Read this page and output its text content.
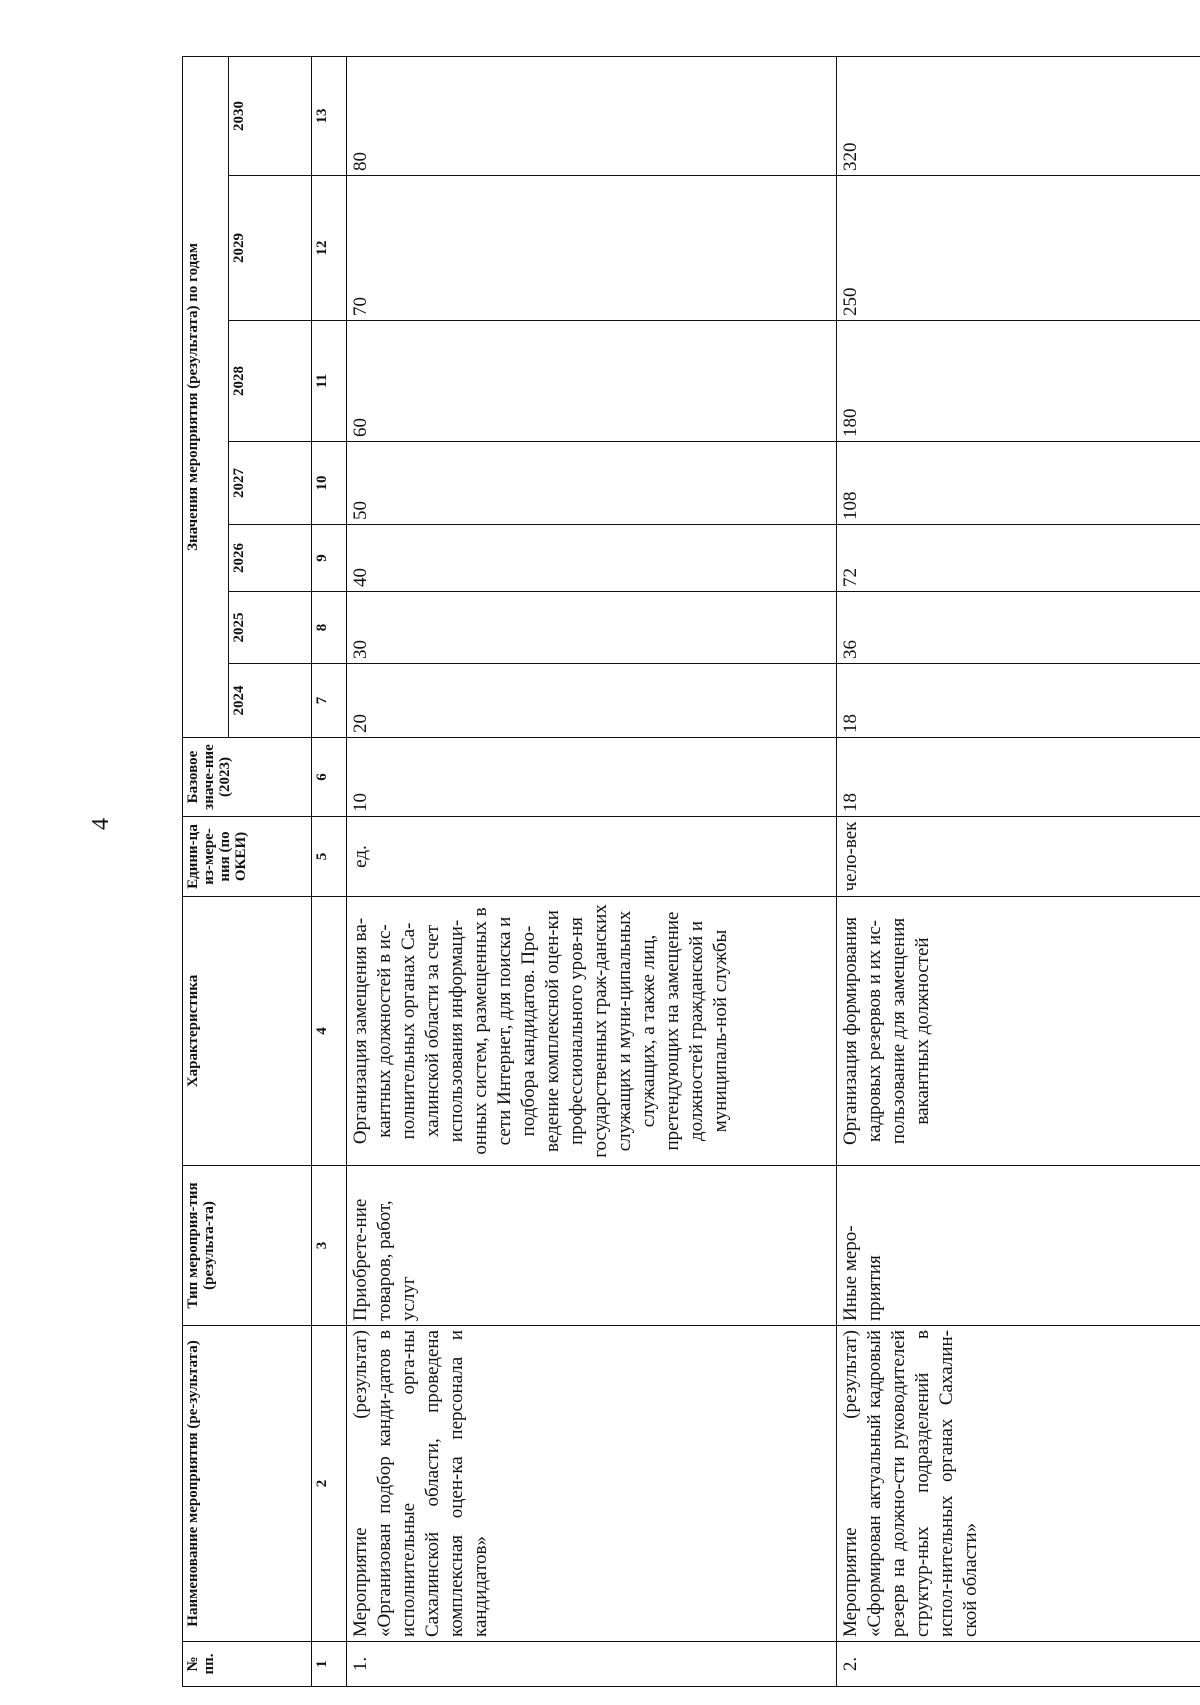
4
№ пп.	Наименование мероприятия (ре-зультата)	Тип мероприя-тия (результа-та)	Характеристика	Едини-ца из-мере-ния (по ОКЕИ)	Базовое значе-ние (2023)	Значения мероприятия (результата) по годам						
						2024	2025	2026	2027	2028	2029	2030
1	2	3	4	5	6	7	8	9	10	11	12	13
1.	Мероприятие (результат) «Организован подбор канди-датов в исполнительные орга-ны Сахалинской области, проведена комплексная оцен-ка персонала и кандидатов»	Приобрете-ние товаров, работ, услуг	Организация замещения ва-кантных должностей в ис-полнительных органах Са-халинской области за счет использования информаци-онных систем, размещенных в сети Интернет, для поиска и подбора кандидатов. Про-ведение комплексной оцен-ки профессионального уров-ня государственных граж-данских служащих и муни-ципальных служащих, а также лиц, претендующих на замещение должностей гражданской и муниципаль-ной службы	ед.	10	20	30	40	50	60	70	80
2.	Мероприятие (результат) «Сформирован актуальный кадровый резерв на должно-сти руководителей структур-ных подразделений в испол-нительных органах Сахалин-ской области»	Иные меро-приятия	Организация формирования кадровых резервов и их ис-пользование для замещения вакантных должностей	чело-век	18	18	36	72	108	180	250	320
